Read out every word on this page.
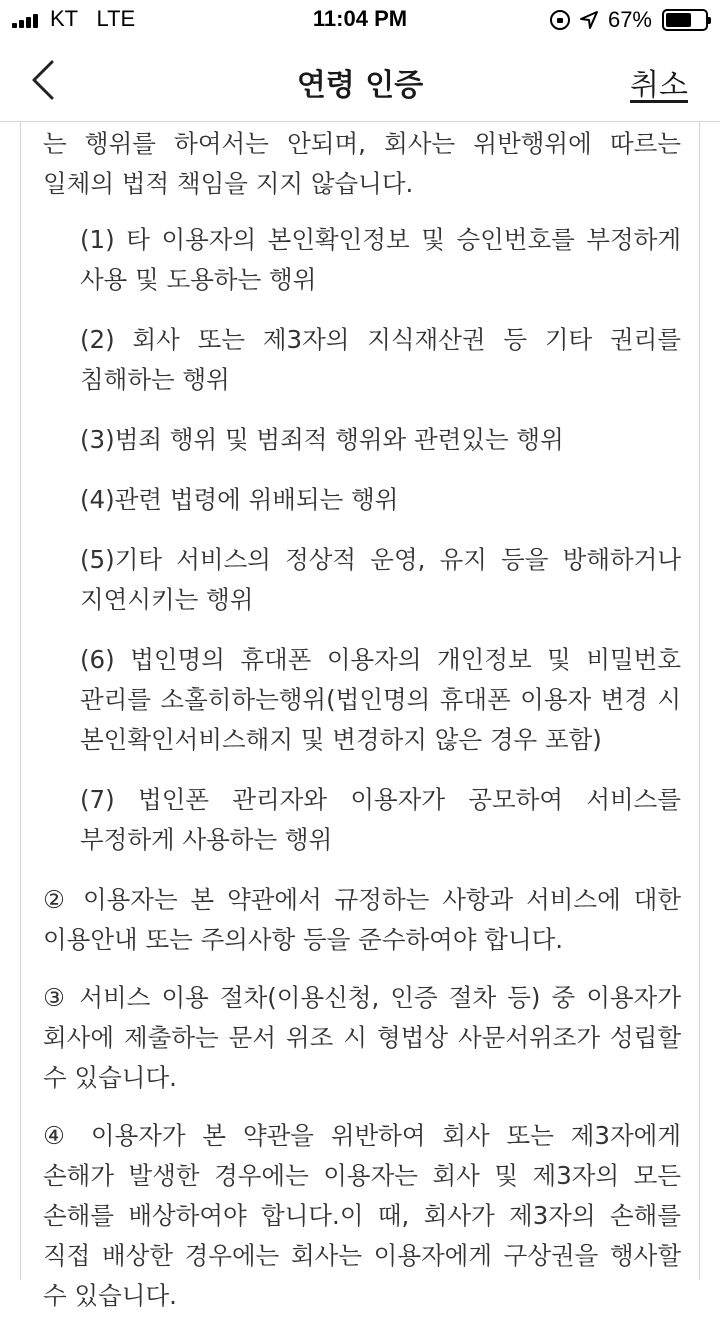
KT LTE	11:04 PM	67%
연령 인증	취소

는 행위를 하여서는 안되며, 회사는 위반행위에 따르는 일체의 법적 책임을 지지 않습니다.

(1) 타 이용자의 본인확인정보 및 승인번호를 부정하게 사용 및 도용하는 행위

(2) 회사 또는 제3자의 지식재산권 등 기타 권리를 침해하는 행위

(3)범죄 행위 및 범죄적 행위와 관련있는 행위

(4)관련 법령에 위배되는 행위

(5)기타 서비스의 정상적 운영, 유지 등을 방해하거나 지연시키는 행위

(6) 법인명의 휴대폰 이용자의 개인정보 및 비밀번호 관리를 소홀히하는행위(법인명의 휴대폰 이용자 변경 시 본인확인서비스해지 및 변경하지 않은 경우 포함)

(7) 법인폰 관리자와 이용자가 공모하여 서비스를 부정하게 사용하는 행위

② 이용자는 본 약관에서 규정하는 사항과 서비스에 대한 이용안내 또는 주의사항 등을 준수하여야 합니다.

③ 서비스 이용 절차(이용신청, 인증 절차 등) 중 이용자가 회사에 제출하는 문서 위조 시 형법상 사문서위조가 성립할 수 있습니다.

④ 이용자가 본 약관을 위반하여 회사 또는 제3자에게 손해가 발생한 경우에는 이용자는 회사 및 제3자의 모든 손해를 배상하여야 합니다.이 때, 회사가 제3자의 손해를 직접 배상한 경우에는 회사는 이용자에게 구상권을 행사할 수 있습니다.
